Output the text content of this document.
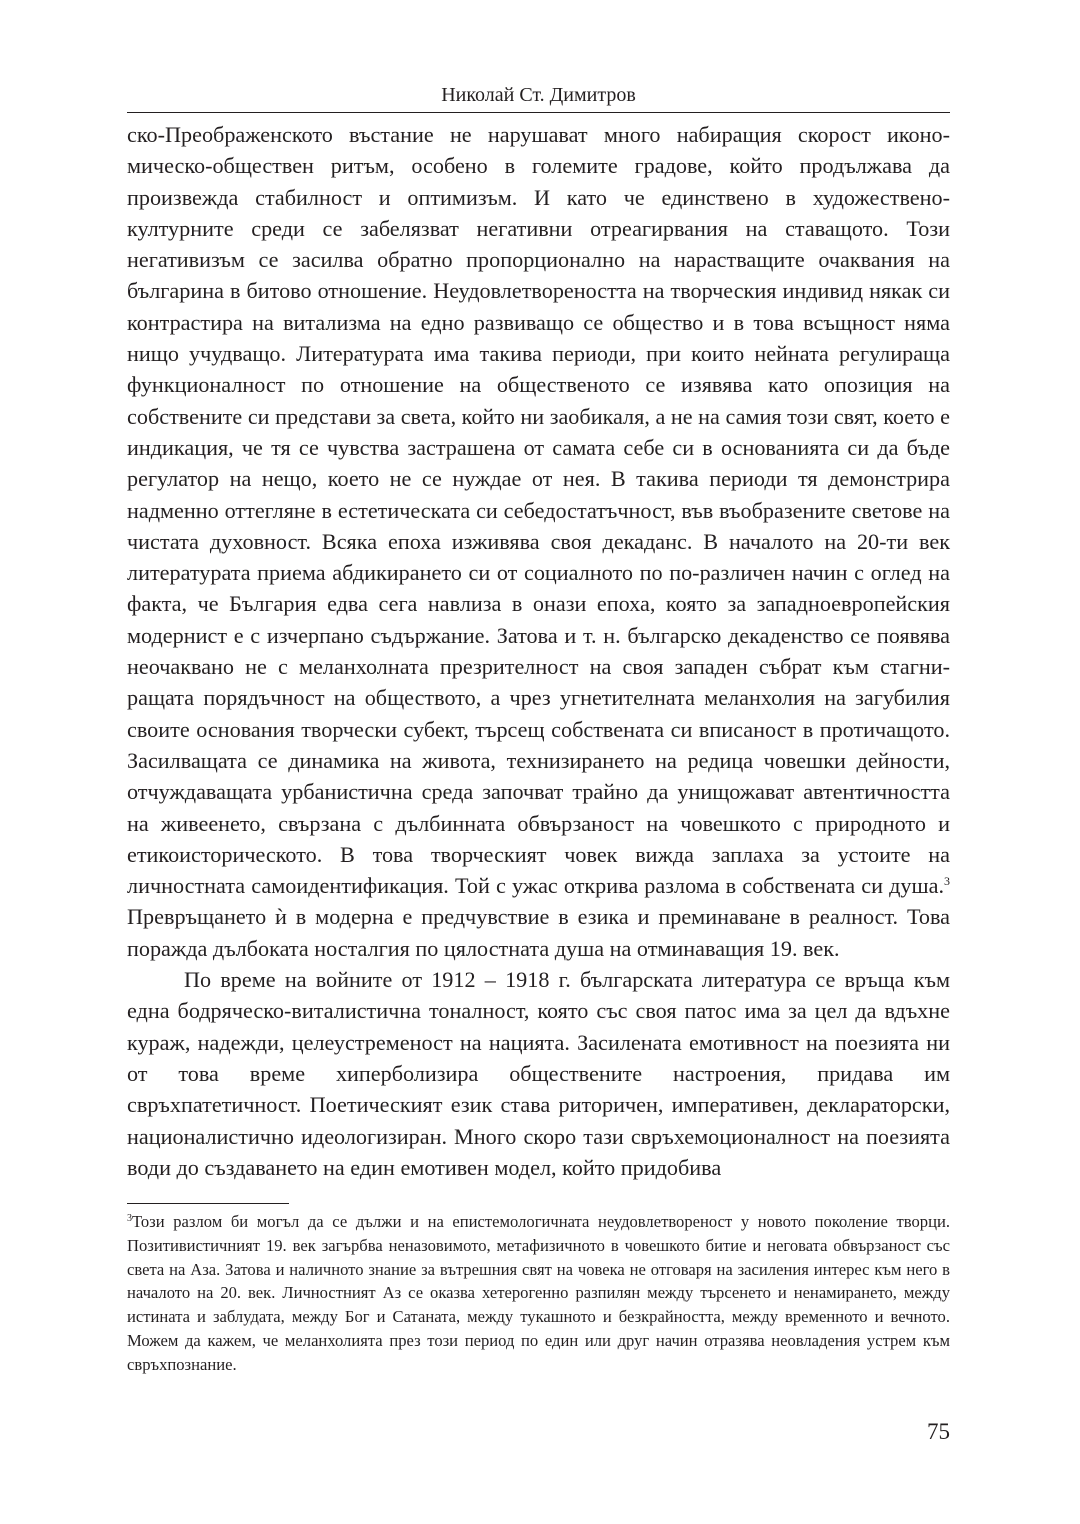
Николай Ст. Димитров

ско-Преображенското въстание не нарушават много набиращия скорост икономическо-обществен ритъм, особено в големите градове, който продължава да произвежда стабилност и оптимизъм. И като че единствено в художествено-културните среди се забелязват негативни отреагирвания на ставащото. Този негативизъм се засилва обратно пропорционално на нарастващите очаквания на българина в битово отношение. Неудовлетвореността на творческия индивид някак си контрастира на витализма на едно развиващо се общество и в това всъщност няма нищо учудващо. Литературата има такива периоди, при които нейната регулираща функционалност по отношение на общественото се изявява като опозиция на собствените си представи за света, който ни заобикаля, а не на самия този свят, което е индикация, че тя се чувства застрашена от самата себе си в основанията си да бъде регулатор на нещо, което не се нуждае от нея. В такива периоди тя демонстрира надменно оттегляне в естетическата си себедостатъчност, във въобразените светове на чистата духовност. Всяка епоха изживява своя декаданс. В началото на 20-ти век литературата приема абдикирането си от социалното по по-различен начин с оглед на факта, че България едва сега навлиза в онази епоха, която за западноевропейския модернист е с изчерпано съдържание. Затова и т. н. българско декаденство се появява неочаквано не с меланхолната презрителност на своя западен събрат към стагниращата порядъчност на обществото, а чрез угнетителната меланхолия на загубилия своите основания творчески субект, търсещ собствената си вписаност в протичащото. Засилващата се динамика на живота, технизирането на редица човешки дейности, отчуждаващата урбанистична среда започват трайно да унищожават автентичността на живеенето, свързана с дълбинната обвързаност на човешкото с природното и етикоисторическото. В това творческият човек вижда заплаха за устоите на личностната самоидентификация. Той с ужас открива разлома в собствената си душа.$^3$ Превръщането ѝ в модерна е предчувствие в езика и преминаване в реалност. Това поражда дълбоката носталгия по цялостната душа на отминаващия 19. век.

По време на войните от 1912 – 1918 г. българската литература се връща към една бодряческо-виталистична тоналност, която със своя патос има за цел да вдъхне кураж, надежди, целеустременост на нацията. Засилената емотивност на поезията ни от това време хиперболизира обществените настроения, придава им свръхпатетичност. Поетическият език става риторичен, императивен, деклараторски, националистично идеологизиран. Много скоро тази свръхемоционалност на поезията води до създаването на един емотивен модел, който придобива

$^3$Този разлом би могъл да се дължи и на епистемологичната неудовлетвореност у новото поколение творци. Позитивистичният 19. век загърбва неназовимото, метафизичното в човешкото битие и неговата обвързаност със света на Аза. Затова и наличното знание за вътрешния свят на човека не отговаря на засиления интерес към него в началото на 20. век. Личностният Аз се оказва хетерогенно разпилян между търсенето и ненамирането, между истината и заблудата, между Бог и Сатаната, между тукашното и безкрайността, между временното и вечното. Можем да кажем, че меланхолията през този период по един или друг начин отразява неовладения устрем към свръхпознание.

75
